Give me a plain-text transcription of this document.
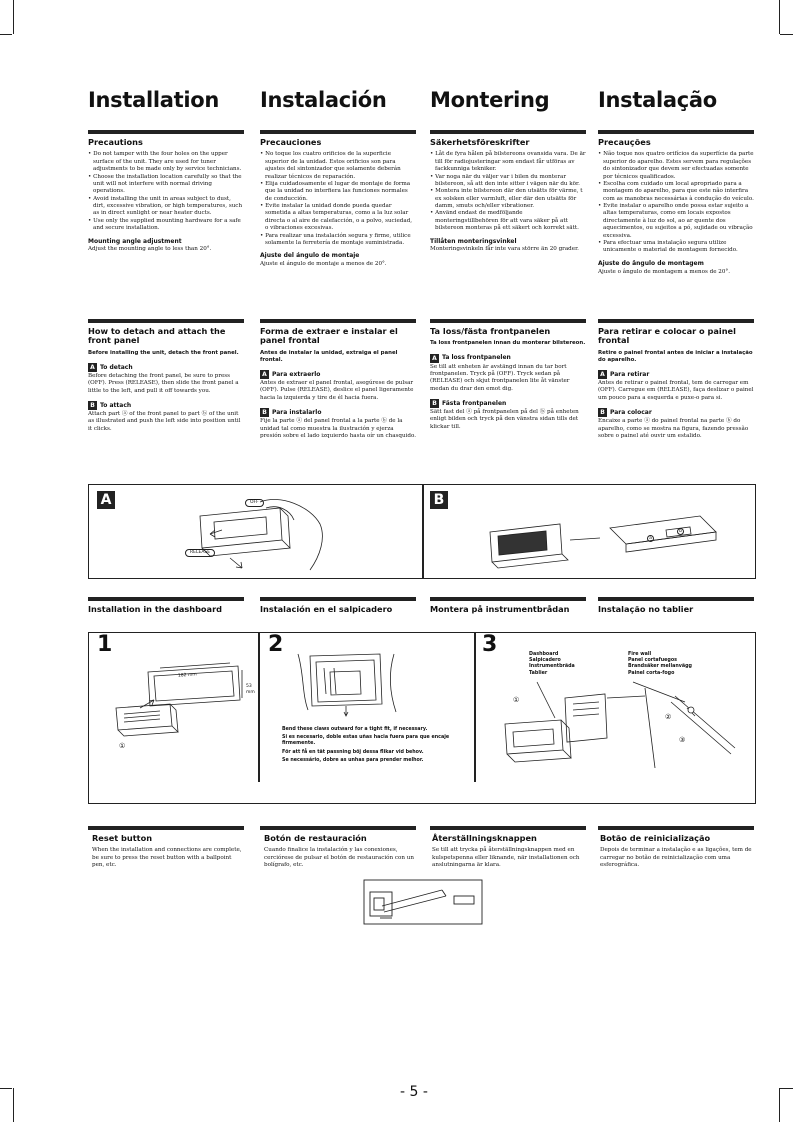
Installation Instalación Montering Instalação
Precautions
• Do not tamper with the four holes on the upper surface of the unit. They are used for tuner adjustments to be made only by service technicians.
• Choose the installation location carefully so that the unit will not interfere with normal driving operations.
• Avoid installing the unit in areas subject to dust, dirt, excessive vibration, or high temperatures, such as in direct sunlight or near heater ducts.
• Use only the supplied mounting hardware for a safe and secure installation.
Mounting angle adjustment
Adjust the mounting angle to less than 20°.
Precauciones
• No toque los cuatro orificios de la superficie superior de la unidad. Estos orificios son para ajustes del sintonizador que solamente deberán realizar técnicos de reparación.
• Elija cuidadosamente el lugar de montaje de forma que la unidad no interfiera las funciones normales de conducción.
• Evite instalar la unidad donde pueda quedar sometida a altas temperaturas, como a la luz solar directa o al aire de calefacción, o a polvo, suciedad, o vibraciones excesivas.
• Para realizar una instalación segura y firme, utilice solamente la ferretería de montaje suministrada.
Ajuste del ángulo de montaje
Ajuste el ángulo de montaje a menos de 20°.
Säkerhetsföreskrifter
• Låt de fyra hålen på bilstereons ovansida vara. De är till för radiojusteringar som endast får utföras av fackkunniga tekniker.
• Var noga när du väljer var i bilen du monterar bilstereon, så att den inte sitter i vägen när du kör.
• Montera inte bilstereon där den utsätts för värme, t ex solsken eller varmluft, eller där den utsätts för damm, smuts och/eller vibrationer.
• Använd endast de medföljande monteringstillbehören för att vara säker på att bilstereon monteras på ett säkert och korrekt sätt.
Tillåten monteringsvinkel
Monteringsvinkeln får inte vara större än 20 grader.
Precauções
• Não toque nos quatro orifícios da superfície da parte superior do aparelho. Estes servem para regulações do sintonizador que devem ser efectuadas somente por técnicos qualificados.
• Escolha com cuidado um local apropriado para a montagem do aparelho, para que este não interfira com as manobras necessárias à condução do veículo.
• Evite instalar o aparelho onde possa estar sujeito a altas temperaturas, como em locais expostos directamente à luz do sol, ao ar quente dos aquecimentos, ou sujeitos a pó, sujidade ou vibração excessiva.
• Para efectuar uma instalação segura utilize unicamente o material de montagem fornecido.
Ajuste do ângulo de montagem
Ajuste o ângulo de montagem a menos de 20°.
How to detach and attach the front panel
Before installing the unit, detach the front panel.
A To detach
Before detaching the front panel, be sure to press (OFF). Press (RELEASE), then slide the front panel a little to the left, and pull it off towards you.
B To attach
Attach part ⓐ of the front panel to part ⓑ of the unit as illustrated and push the left side into position until it clicks.
Forma de extraer e instalar el panel frontal
Antes de instalar la unidad, extraiga el panel frontal.
A Para extraerlo
Antes de extraer el panel frontal, asegúrese de pulsar (OFF). Pulse (RELEASE), deslice el panel ligeramente hacia la izquierda y tire de él hacia fuera.
B Para instalarlo
Fije la parte ⓐ del panel frontal a la parte ⓑ de la unidad tal como muestra la ilustración y ejerza presión sobre el lado izquierdo hasta oír un chasquido.
Ta loss/fästa frontpanelen
Ta loss frontpanelen innan du monterar bilstereon.
A Ta loss frontpanelen
Se till att enheten är avstängd innan du tar bort frontpanelen. Tryck på (OFF). Tryck sedan på (RELEASE) och skjut frontpanelen lite åt vänster medan du drar den emot dig.
B Fästa frontpanelen
Sätt fast del ⓐ på frontpanelen på del ⓑ på enheten enligt bilden och tryck på den vänstra sidan tills det klickar till.
Para retirar e colocar o painel frontal
Retire o painel frontal antes de iniciar a instalação do aparelho.
A Para retirar
Antes de retirar o painel frontal, tem de carregar em (OFF). Carregue em (RELEASE), faça deslizar o painel um pouco para a esquerda e puxe-o para si.
B Para colocar
Encaixe a parte ⓐ do painel frontal na parte ⓑ do aparelho, como se mostra na figura, fazendo pressão sobre o painel até ouvir um estalido.
A	B
OFF
RELEASE
a
b
Installation in the dashboard	Instalación en el salpicadero	Montera på instrumentbrådan	Instalação no tablier
1	2	3
182 mm
53 mm
①
Bend these claws outward for a tight fit, if necessary.
Si es necesario, doble estas uñas hacia fuera para que encaje firmemente.
För att få en tät passning böj dessa flikar vid behov.
Se necessário, dobre as unhas para prender melhor.
Dashboard
Salpicadero
Instrumentbräda
Tablier
Fire wall
Panel cortafuegos
Brandsäker mellanvägg
Painel corta-fogo
①
②
③
Reset button
When the installation and connections are complete, be sure to press the reset button with a ballpoint pen, etc.
Botón de restauración
Cuando finalice la instalación y las conexiones, cerciórese de pulsar el botón de restauración con un bolígrafo, etc.
Återställningsknappen
Se till att trycka på återställningsknappen med en kulspetspenna eller liknande, när installationen och anslutningarna är klara.
Botão de reinicialização
Depois de terminar a instalação e as ligações, tem de carregar no botão de reinicialização com uma esferográfica.
- 5 -
